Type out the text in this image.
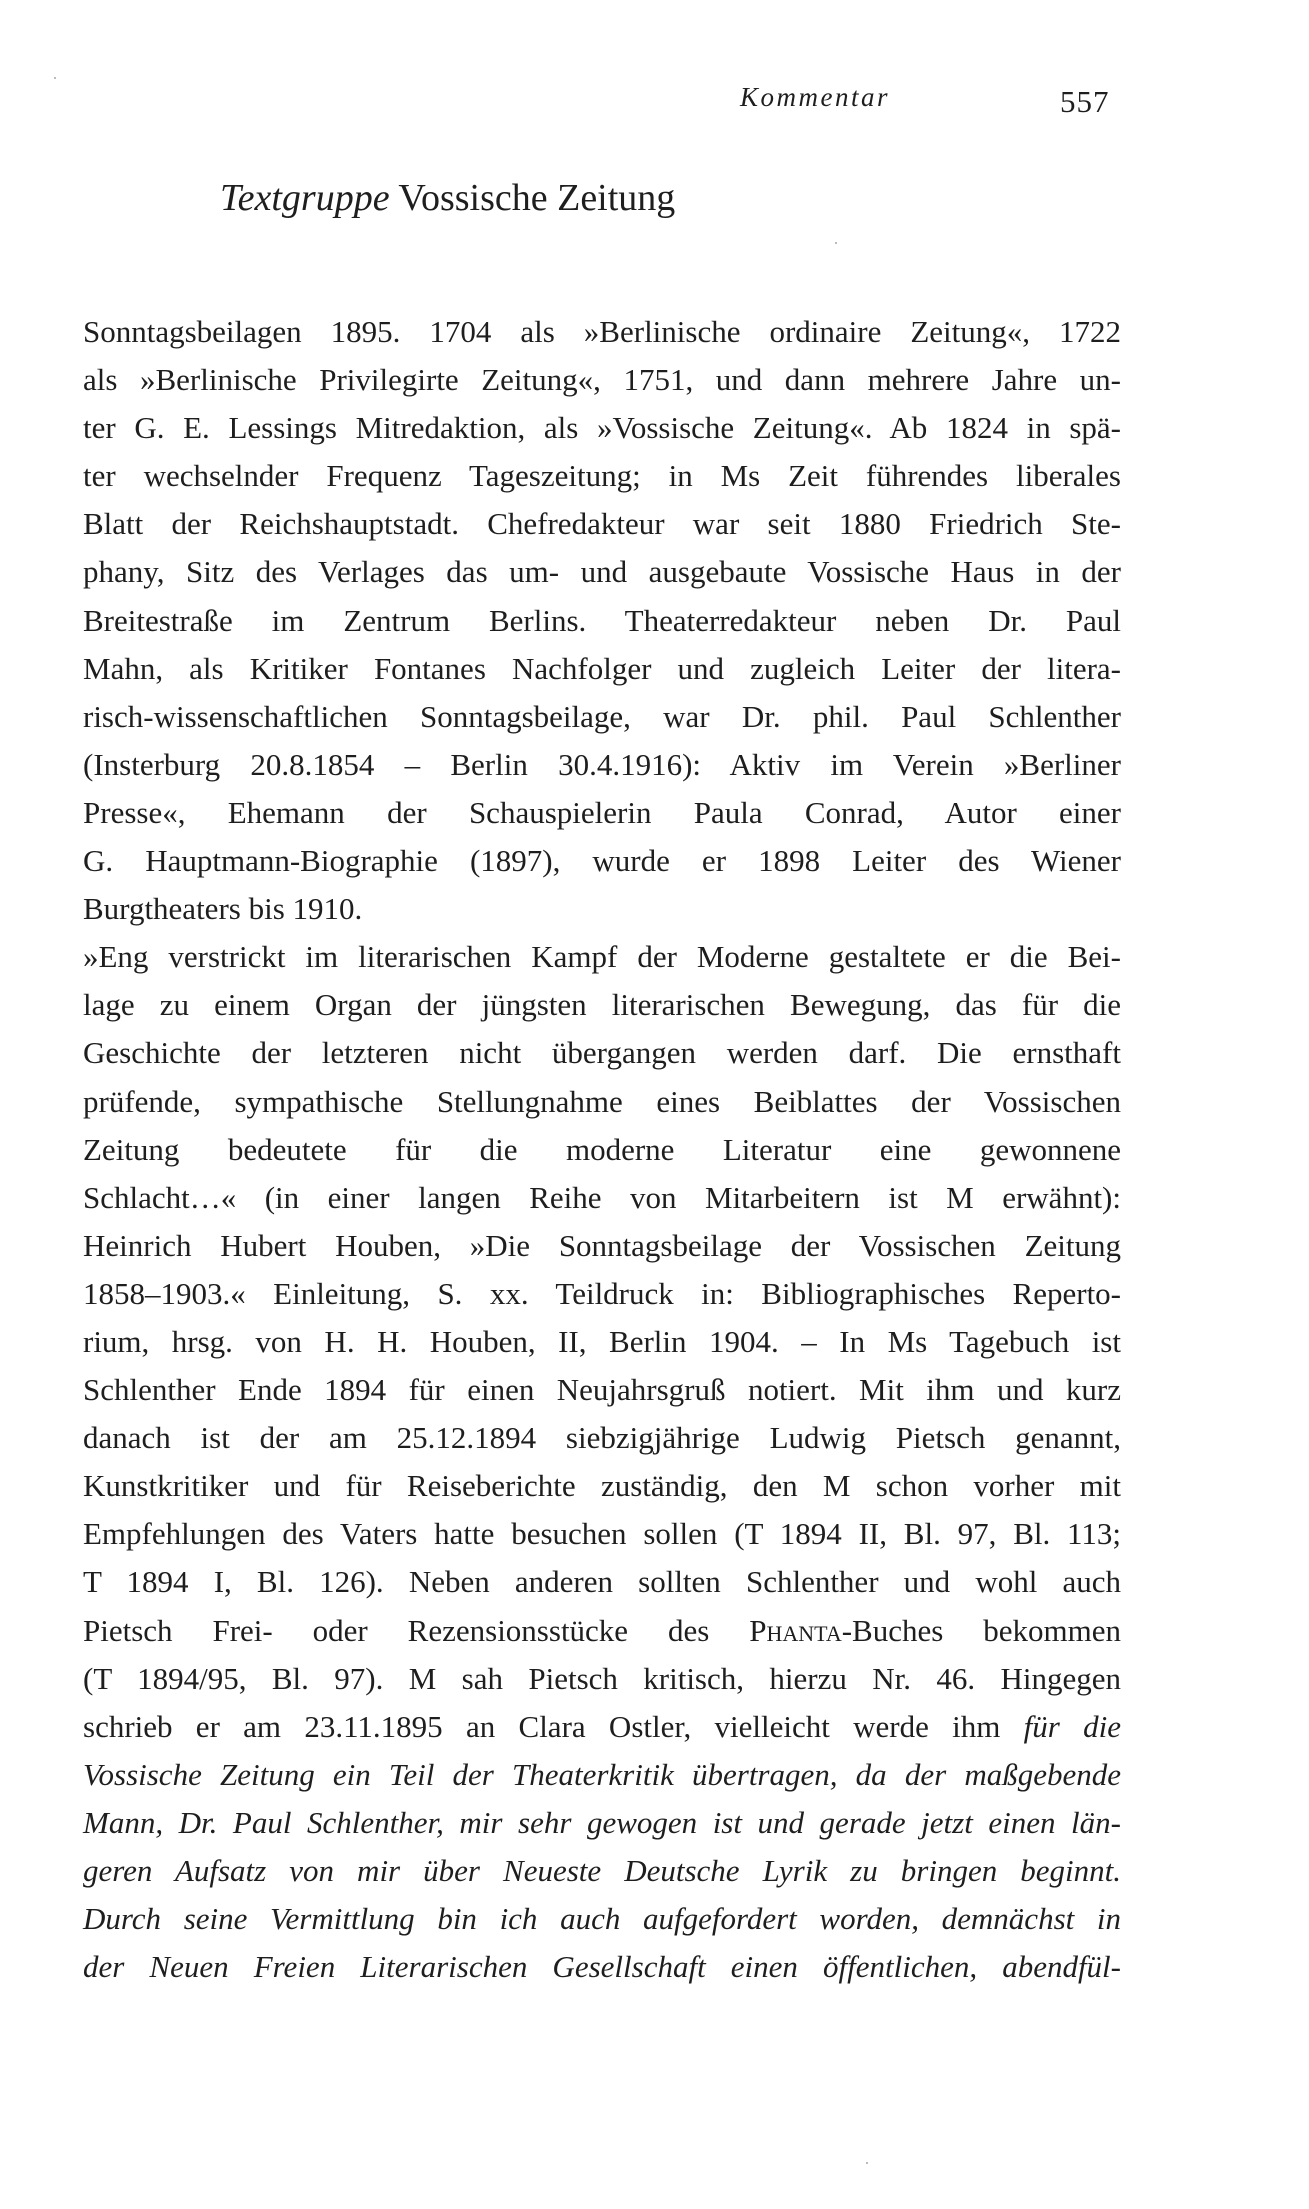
Kommentar	557
Textgruppe Vossische Zeitung
Sonntagsbeilagen 1895. 1704 als »Berlinische ordinaire Zeitung«, 1722
als »Berlinische Privilegirte Zeitung«, 1751, und dann mehrere Jahre un-
ter G. E. Lessings Mitredaktion, als »Vossische Zeitung«. Ab 1824 in spä-
ter wechselnder Frequenz Tageszeitung; in Ms Zeit führendes liberales
Blatt der Reichshauptstadt. Chefredakteur war seit 1880 Friedrich Ste-
phany, Sitz des Verlages das um- und ausgebaute Vossische Haus in der
Breitestraße im Zentrum Berlins. Theaterredakteur neben Dr. Paul
Mahn, als Kritiker Fontanes Nachfolger und zugleich Leiter der litera-
risch-wissenschaftlichen Sonntagsbeilage, war Dr. phil. Paul Schlenther
(Insterburg 20.8.1854 – Berlin 30.4.1916): Aktiv im Verein »Berliner
Presse«, Ehemann der Schauspielerin Paula Conrad, Autor einer
G. Hauptmann-Biographie (1897), wurde er 1898 Leiter des Wiener
Burgtheaters bis 1910.
»Eng verstrickt im literarischen Kampf der Moderne gestaltete er die Bei-
lage zu einem Organ der jüngsten literarischen Bewegung, das für die
Geschichte der letzteren nicht übergangen werden darf. Die ernsthaft
prüfende, sympathische Stellungnahme eines Beiblattes der Vossischen
Zeitung bedeutete für die moderne Literatur eine gewonnene
Schlacht…« (in einer langen Reihe von Mitarbeitern ist M erwähnt):
Heinrich Hubert Houben, »Die Sonntagsbeilage der Vossischen Zeitung
1858–1903.« Einleitung, S. xx. Teildruck in: Bibliographisches Reperto-
rium, hrsg. von H. H. Houben, II, Berlin 1904. – In Ms Tagebuch ist
Schlenther Ende 1894 für einen Neujahrsgruß notiert. Mit ihm und kurz
danach ist der am 25.12.1894 siebzigjährige Ludwig Pietsch genannt,
Kunstkritiker und für Reiseberichte zuständig, den M schon vorher mit
Empfehlungen des Vaters hatte besuchen sollen (T 1894 II, Bl. 97, Bl. 113;
T 1894 I, Bl. 126). Neben anderen sollten Schlenther und wohl auch
Pietsch Frei- oder Rezensionsstücke des Phanta-Buches bekommen
(T 1894/95, Bl. 97). M sah Pietsch kritisch, hierzu Nr. 46. Hingegen
schrieb er am 23.11.1895 an Clara Ostler, vielleicht werde ihm für die
Vossische Zeitung ein Teil der Theaterkritik übertragen, da der maßgebende
Mann, Dr. Paul Schlenther, mir sehr gewogen ist und gerade jetzt einen län-
geren Aufsatz von mir über Neueste Deutsche Lyrik zu bringen beginnt.
Durch seine Vermittlung bin ich auch aufgefordert worden, demnächst in
der Neuen Freien Literarischen Gesellschaft einen öffentlichen, abendfül-
